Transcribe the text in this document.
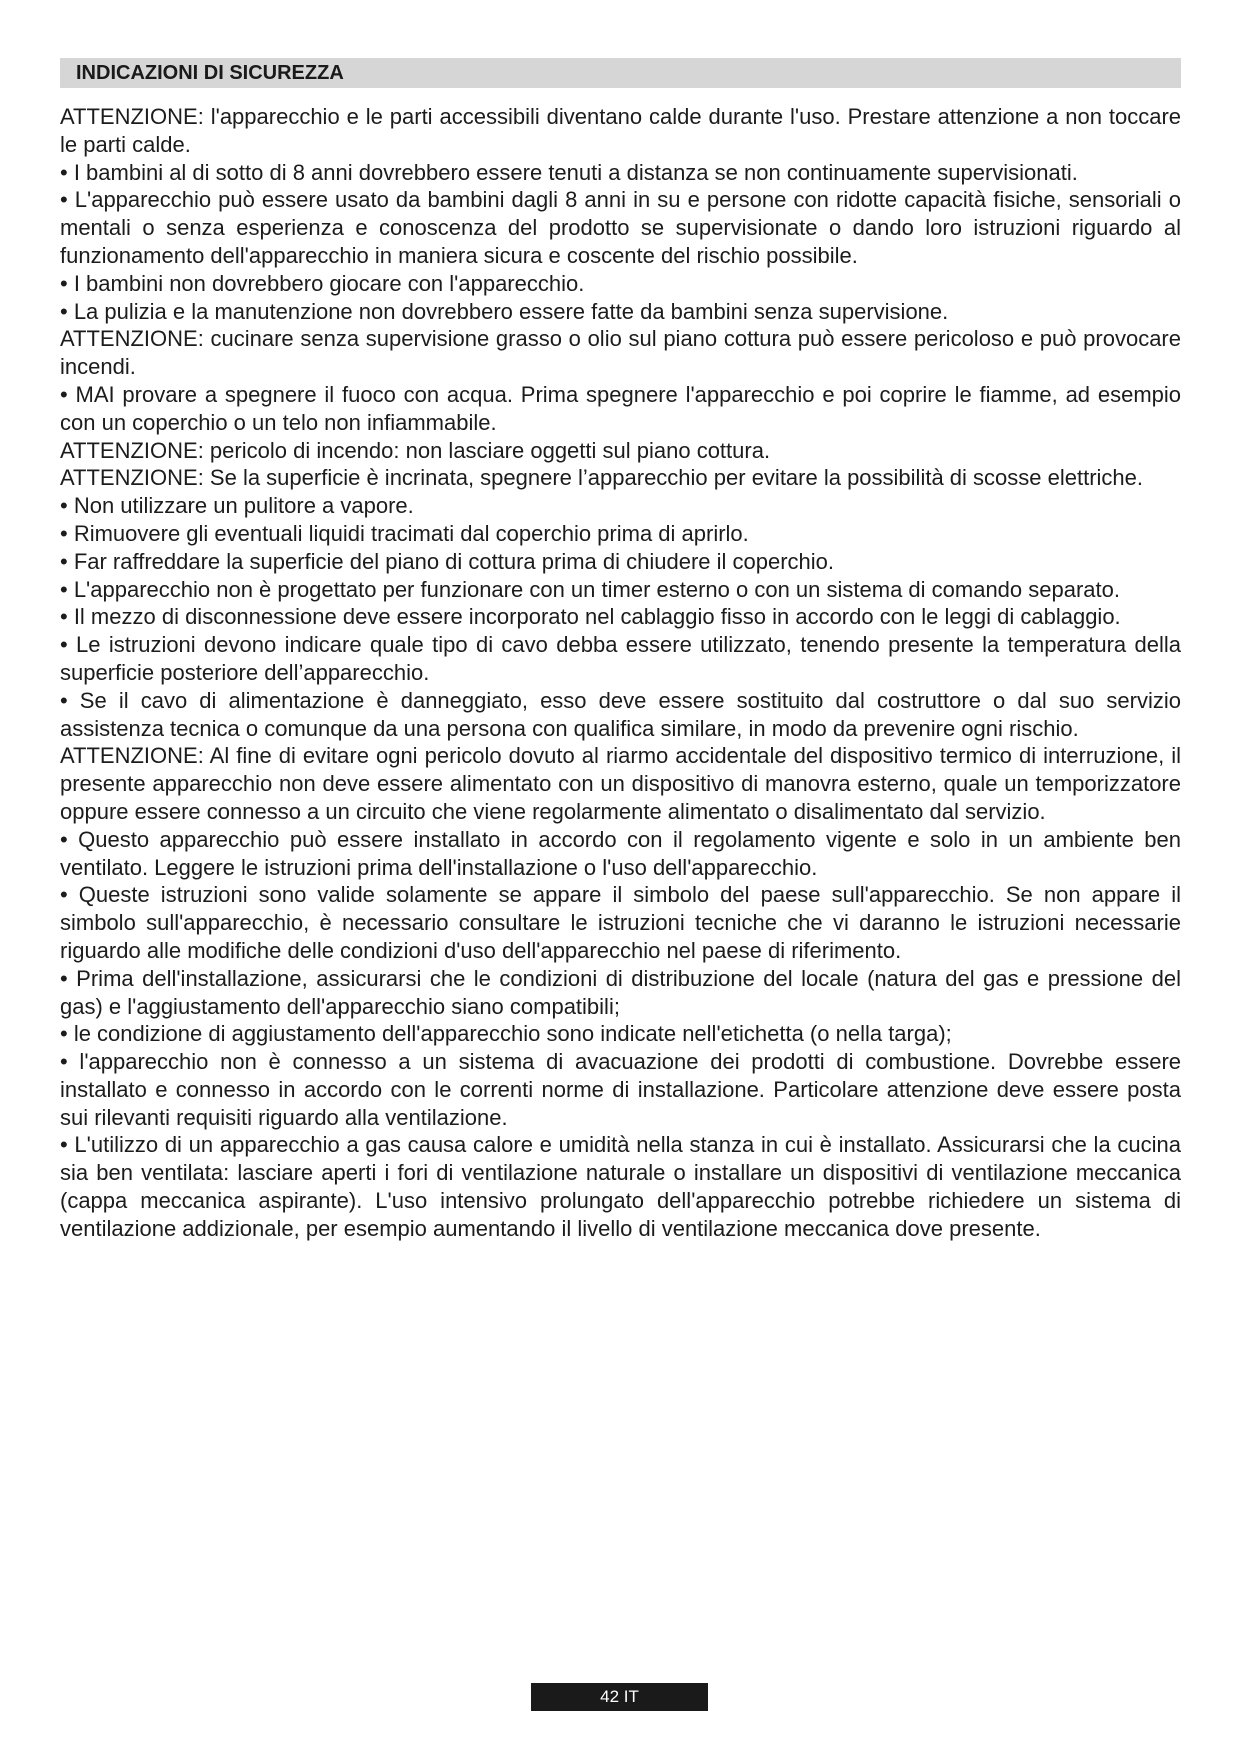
INDICAZIONI DI SICUREZZA

ATTENZIONE: l'apparecchio e le parti accessibili diventano calde durante l'uso. Prestare attenzione a non toccare le parti calde.

• I bambini al di sotto di 8 anni dovrebbero essere tenuti a distanza se non continuamente supervisionati.

• L'apparecchio può essere usato da bambini dagli 8 anni in su e persone con ridotte capacità fisiche, sensoriali o mentali o senza esperienza e conoscenza del prodotto se supervisionate o dando loro istruzioni riguardo al funzionamento dell'apparecchio in maniera sicura e coscente del rischio possibile.

• I bambini non dovrebbero giocare con l'apparecchio.

• La pulizia e la manutenzione non dovrebbero essere fatte da bambini senza supervisione.

ATTENZIONE: cucinare senza supervisione grasso o olio sul piano cottura può essere pericoloso e può provocare incendi.

• MAI provare a spegnere il fuoco con acqua. Prima spegnere l'apparecchio e poi coprire le fiamme, ad esempio con un coperchio o un telo non infiammabile.

ATTENZIONE: pericolo di incendo: non lasciare oggetti sul piano cottura.

ATTENZIONE: Se la superficie è incrinata, spegnere l’apparecchio per evitare la possibilità di scosse elettriche.

• Non utilizzare un pulitore a vapore.

• Rimuovere gli eventuali liquidi tracimati dal coperchio prima di aprirlo.

• Far raffreddare la superficie del piano di cottura prima di chiudere il coperchio.

• L'apparecchio non è progettato per funzionare con un timer esterno o con un sistema di comando separato.

• Il mezzo di disconnessione deve essere incorporato nel cablaggio fisso in accordo con le leggi di cablaggio.

• Le istruzioni devono indicare quale tipo di cavo debba essere utilizzato, tenendo presente la temperatura della superficie posteriore dell’apparecchio.

• Se il cavo di alimentazione è danneggiato, esso deve essere sostituito dal costruttore o dal suo servizio assistenza tecnica o comunque da una persona con qualifica similare, in modo da prevenire ogni rischio.

ATTENZIONE: Al fine di evitare ogni pericolo dovuto al riarmo accidentale del dispositivo termico di interruzione, il presente apparecchio non deve essere alimentato con un dispositivo di manovra esterno, quale un temporizzatore oppure essere connesso a un circuito che viene regolarmente alimentato o disalimentato dal servizio.

• Questo apparecchio può essere installato in accordo con il regolamento vigente e solo in un ambiente ben ventilato. Leggere le istruzioni prima dell'installazione o l'uso dell'apparecchio.

• Queste istruzioni sono valide solamente se appare il simbolo del paese sull'apparecchio. Se non appare il simbolo sull'apparecchio, è necessario consultare le istruzioni tecniche che vi daranno le istruzioni necessarie riguardo alle modifiche delle condizioni d'uso dell'apparecchio nel paese di riferimento.

• Prima dell'installazione, assicurarsi che le condizioni di distribuzione del locale (natura del gas e pressione del gas) e l'aggiustamento dell'apparecchio siano compatibili;

• le condizione di aggiustamento dell'apparecchio sono indicate nell'etichetta (o nella targa);

• l'apparecchio non è connesso a un sistema di avacuazione dei prodotti di combustione. Dovrebbe essere installato e connesso in accordo con le correnti norme di installazione. Particolare attenzione deve essere posta sui rilevanti requisiti riguardo alla ventilazione.

• L'utilizzo di un apparecchio a gas causa calore e umidità nella stanza in cui è installato. Assicurarsi che la cucina sia ben ventilata: lasciare aperti i fori di ventilazione naturale o installare un dispositivi di ventilazione meccanica (cappa meccanica aspirante). L'uso intensivo prolungato dell'apparecchio potrebbe richiedere un sistema di ventilazione addizionale, per esempio aumentando il livello di ventilazione meccanica dove presente.

42 IT
